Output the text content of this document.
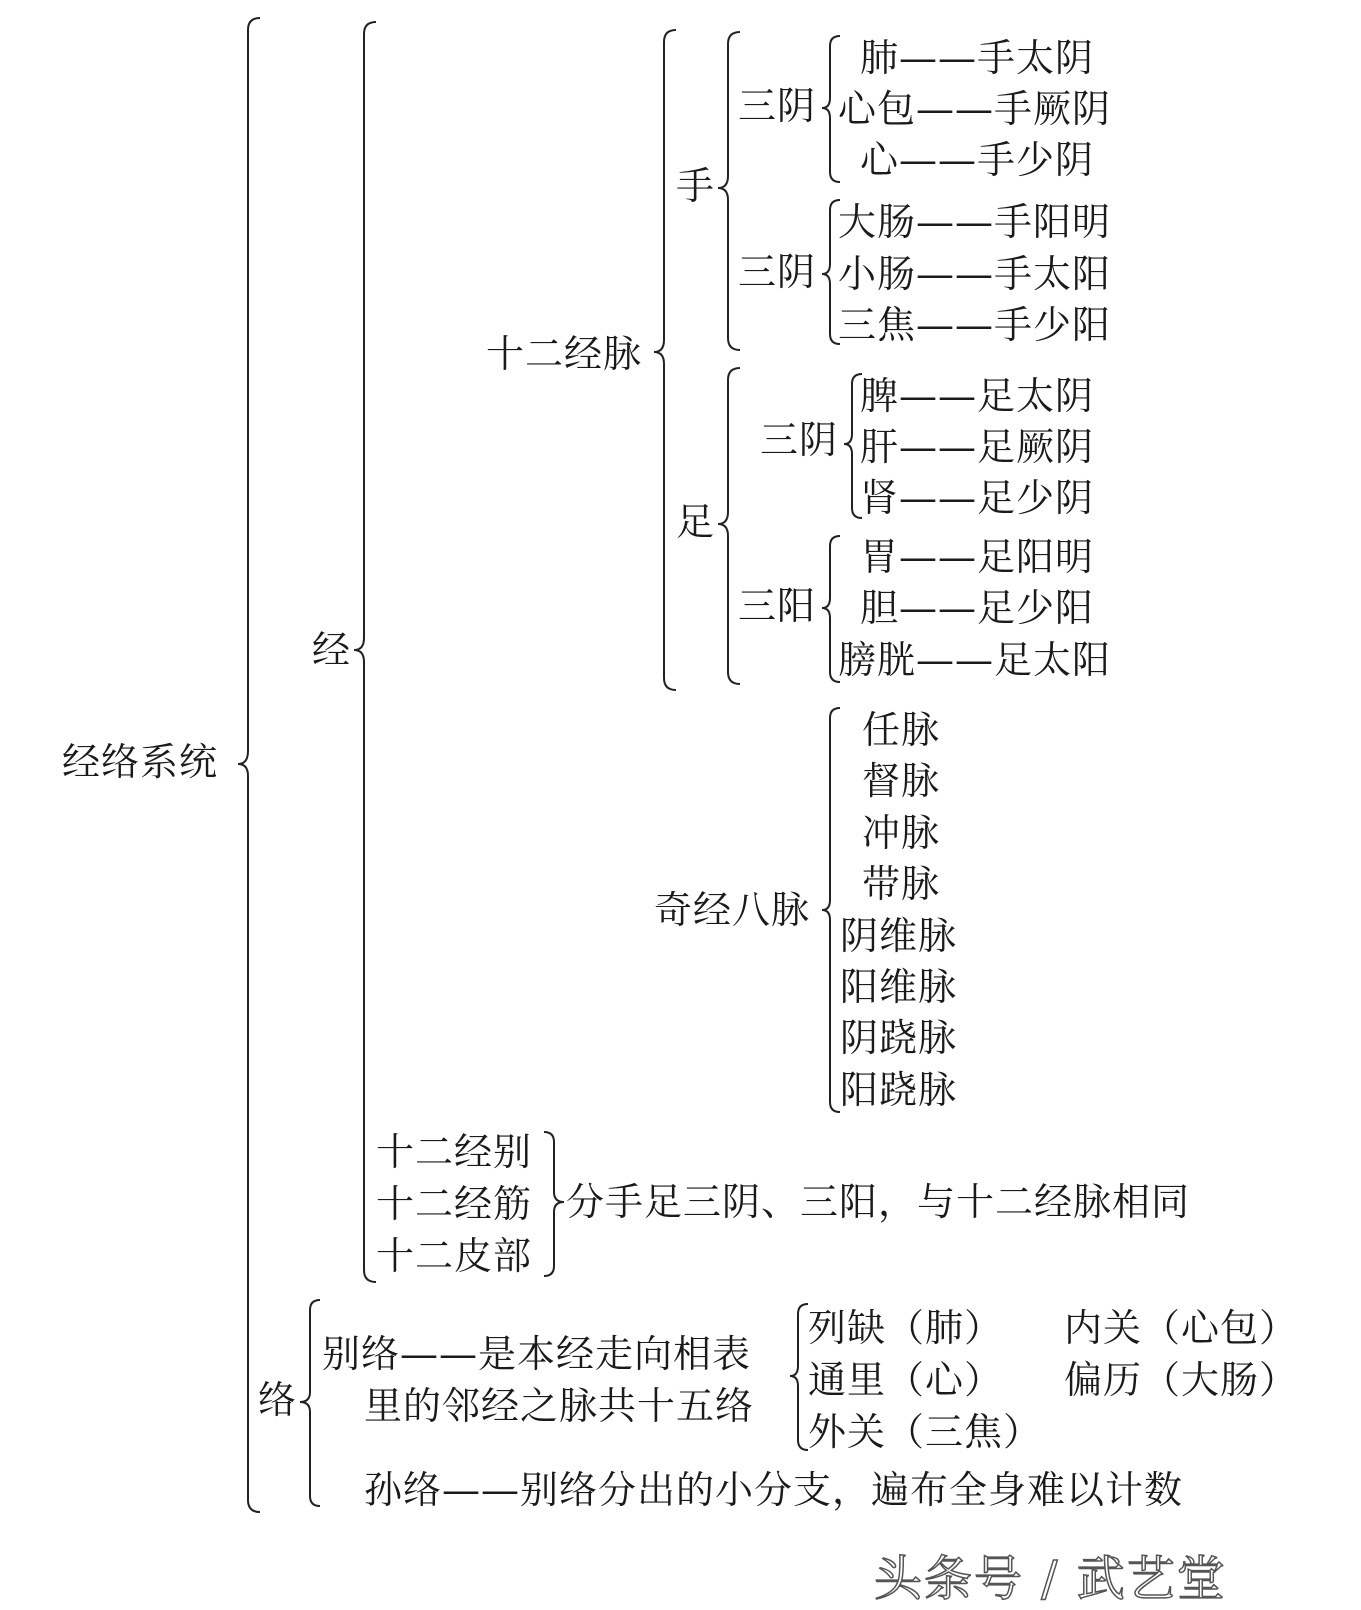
经络系统
经
十二经脉
手
三阴
肺——手太阴
心包——手厥阴
心——手少阴
三阴
大肠——手阳明
小肠——手太阳
三焦——手少阳
足
三阴
脾——足太阴
肝——足厥阴
肾——足少阴
三阳
胃——足阳明
胆——足少阳
膀胱——足太阳
奇经八脉
任脉
督脉
冲脉
带脉
阴维脉
阳维脉
阴跷脉
阳跷脉
十二经别
十二经筋
十二皮部
分手足三阴、三阳，与十二经脉相同
络
别络——是本经走向相表
里的邻经之脉共十五络
列缺（肺） 内关（心包）
通里（心） 偏历（大肠）
外关（三焦）
孙络——别络分出的小分支，遍布全身难以计数
头条号 / 武艺堂
